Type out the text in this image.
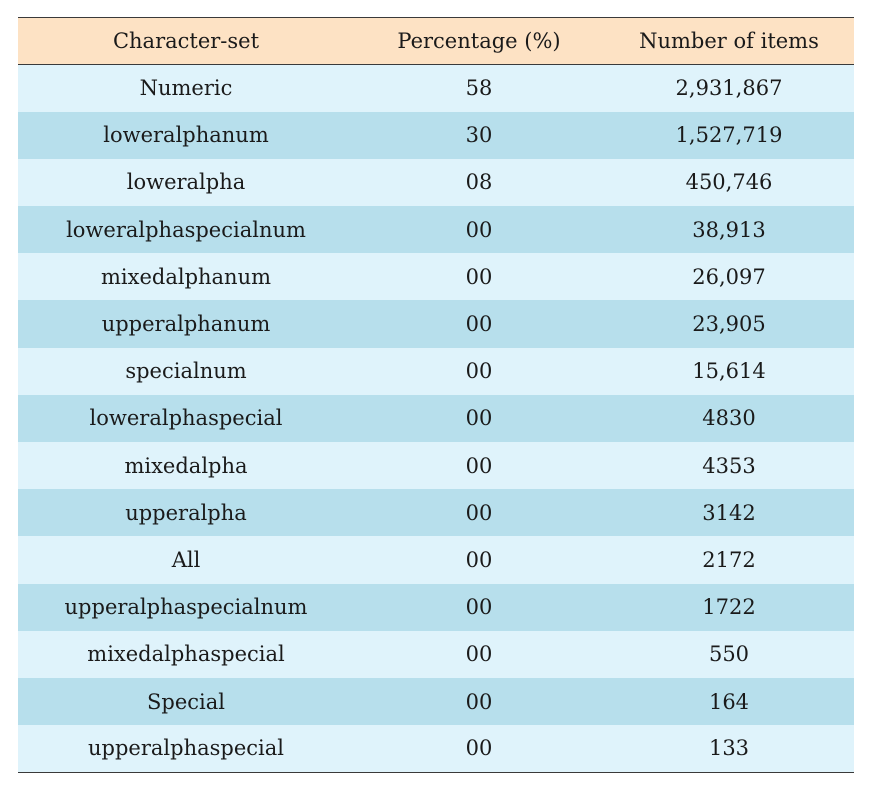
Character-set	Percentage (%)	Number of items
Numeric	58	2,931,867
loweralphanum	30	1,527,719
loweralpha	08	450,746
loweralphaspecialnum	00	38,913
mixedalphanum	00	26,097
upperalphanum	00	23,905
specialnum	00	15,614
loweralphaspecial	00	4830
mixedalpha	00	4353
upperalpha	00	3142
All	00	2172
upperalphaspecialnum	00	1722
mixedalphaspecial	00	550
Special	00	164
upperalphaspecial	00	133
